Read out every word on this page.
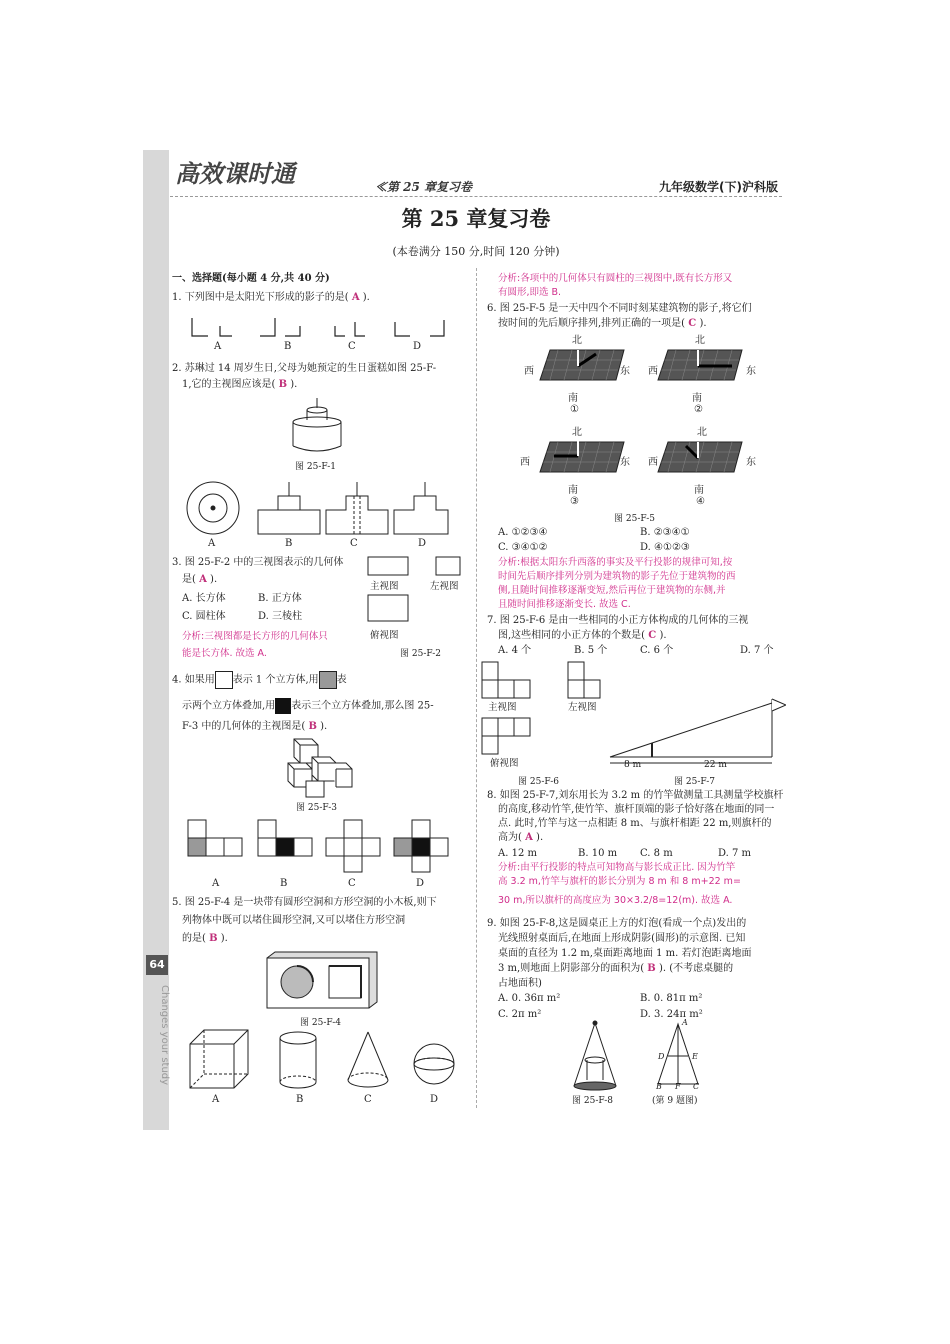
64
Changes your study
高效课时通	≪第 25 章复习卷	九年级数学(下)沪科版
第 25 章复习卷
(本卷满分 150 分,时间 120 分钟)
一、选择题(每小题 4 分,共 40 分)
1. 下列图中是太阳光下形成的影子的是( A ).
A	B	C	D
2. 苏琳过 14 周岁生日,父母为她预定的生日蛋糕如图 25-F-
1,它的主视图应该是( B ).
图 25-F-1
A	B	C	D
3. 图 25-F-2 中的三视图表示的几何体
是( A ).
A. 长方体	B. 正方体
C. 圆柱体	D. 三棱柱
分析:三视图都是长方形的几何体只
能是长方体. 故选 A.
主视图	左视图
俯视图
图 25-F-2
4. 如果用 表示 1 个立方体,用 表
示两个立方体叠加,用 表示三个立方体叠加,那么图 25-
F-3 中的几何体的主视图是( B ).
图 25-F-3
A	B	C	D
5. 图 25-F-4 是一块带有圆形空洞和方形空洞的小木板,则下
列物体中既可以堵住圆形空洞,又可以堵住方形空洞
的是( B ).
图 25-F-4
A	B	C	D
分析:各项中的几何体只有圆柱的三视图中,既有长方形又
有圆形,即选 B.
6. 图 25-F-5 是一天中四个不同时刻某建筑物的影子,将它们
按时间的先后顺序排列,排列正确的一项是( C ).
北
西	东
南
①
北
西	东
南
②
北
西	东
南
③
北
西	东
南
④
图 25-F-5
A. ①②③④	B. ②③④①
C. ③④①②	D. ④①②③
分析:根据太阳东升西落的事实及平行投影的规律可知,按
时间先后顺序排列分别为建筑物的影子先位于建筑物的西
侧,且随时间推移逐渐变短,然后再位于建筑物的东侧,并
且随时间推移逐渐变长. 故选 C.
7. 图 25-F-6 是由一些相同的小正方体构成的几何体的三视
图,这些相同的小正方体的个数是( C ).
A. 4 个	B. 5 个	C. 6 个	D. 7 个
主视图	左视图
俯视图
图 25-F-6
8 m	22 m
图 25-F-7
8. 如图 25-F-7,刘东用长为 3.2 m 的竹竿做测量工具测量学校旗杆
的高度,移动竹竿,使竹竿、旗杆顶端的影子恰好落在地面的同一
点. 此时,竹竿与这一点相距 8 m、与旗杆相距 22 m,则旗杆的
高为( A ).
A. 12 m	B. 10 m C. 8 m	D. 7 m
分析:由平行投影的特点可知物高与影长成正比. 因为竹竿
高 3.2 m,竹竿与旗杆的影长分别为 8 m 和 8 m+22 m=
30 m,所以旗杆的高度应为 30×3.2/8=12(m). 故选 A.
9. 如图 25-F-8,这是圆桌正上方的灯泡(看成一个点)发出的
光线照射桌面后,在地面上形成阴影(圆形)的示意图. 已知
桌面的直径为 1.2 m,桌面距离地面 1 m. 若灯泡距离地面
3 m,则地面上阴影部分的面积为( B ). (不考虑桌腿的
占地面积)
A. 0. 36π m²	B. 0. 81π m²
C. 2π m²	D. 3. 24π m²
A
D	E
B F C
图 25-F-8	(第 9 题图)
